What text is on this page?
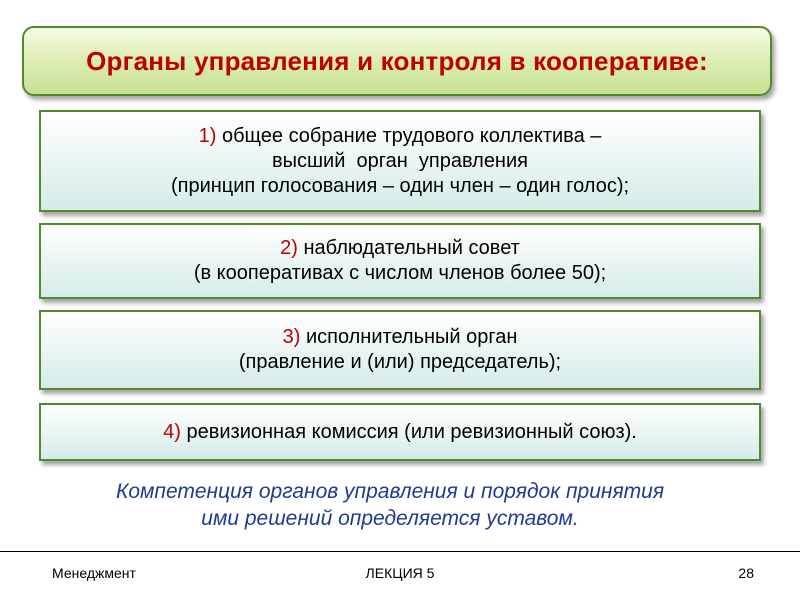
Органы управления и контроля в кооперативе:
1) общее собрание трудового коллектива –
высший  орган  управления
(принцип голосования – один член – один голос);
2) наблюдательный совет
(в кооперативах с числом членов более 50);
3) исполнительный орган
(правление и (или) председатель);
4) ревизионная комиссия (или ревизионный союз).
Компетенция органов управления и порядок принятия
ими решений определяется уставом.
Менеджмент	ЛЕКЦИЯ 5	28
